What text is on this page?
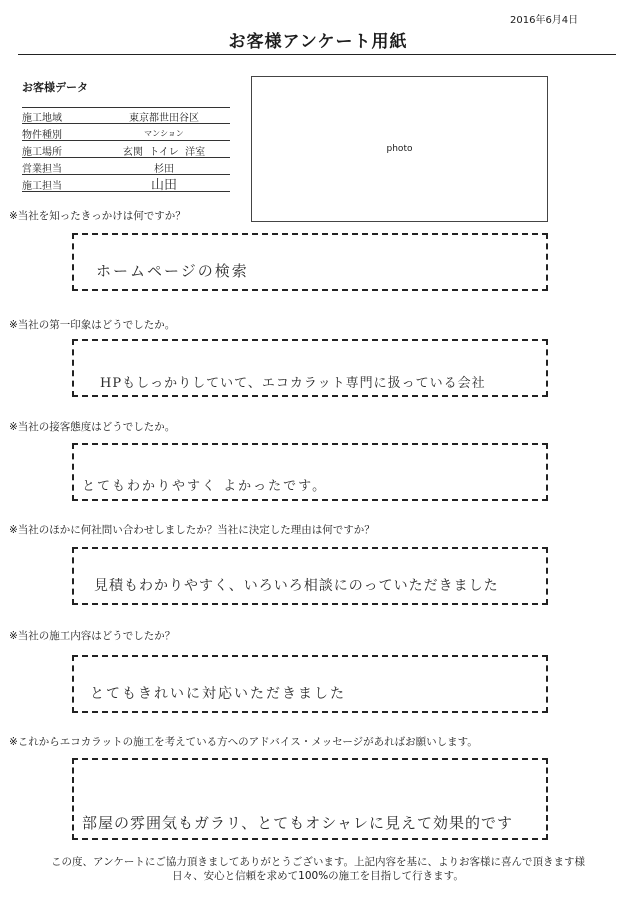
2016年6月4日
お客様アンケート用紙
お客様データ
施工地域	東京都世田谷区
物件種別	マンション
施工場所	玄関  トイレ  洋室
営業担当	杉田
施工担当	山田
photo
※当社を知ったきっかけは何ですか？
ホームページの検索
※当社の第一印象はどうでしたか。
HPもしっかりしていて、エコカラット専門に扱っている会社
※当社の接客態度はどうでしたか。
とてもわかりやすく よかったです。
※当社のほかに何社問い合わせしましたか？当社に決定した理由は何ですか？
見積もわかりやすく、いろいろ相談にのっていただきました
※当社の施工内容はどうでしたか？
とてもきれいに対応いただきました
※これからエコカラットの施工を考えている方へのアドバイス・メッセージがあればお願いします。
部屋の雰囲気もガラリ、とてもオシャレに見えて効果的です
この度、アンケートにご協力頂きましてありがとうございます。上記内容を基に、よりお客様に喜んで頂きます様
日々、安心と信頼を求めて100%の施工を目指して行きます。
